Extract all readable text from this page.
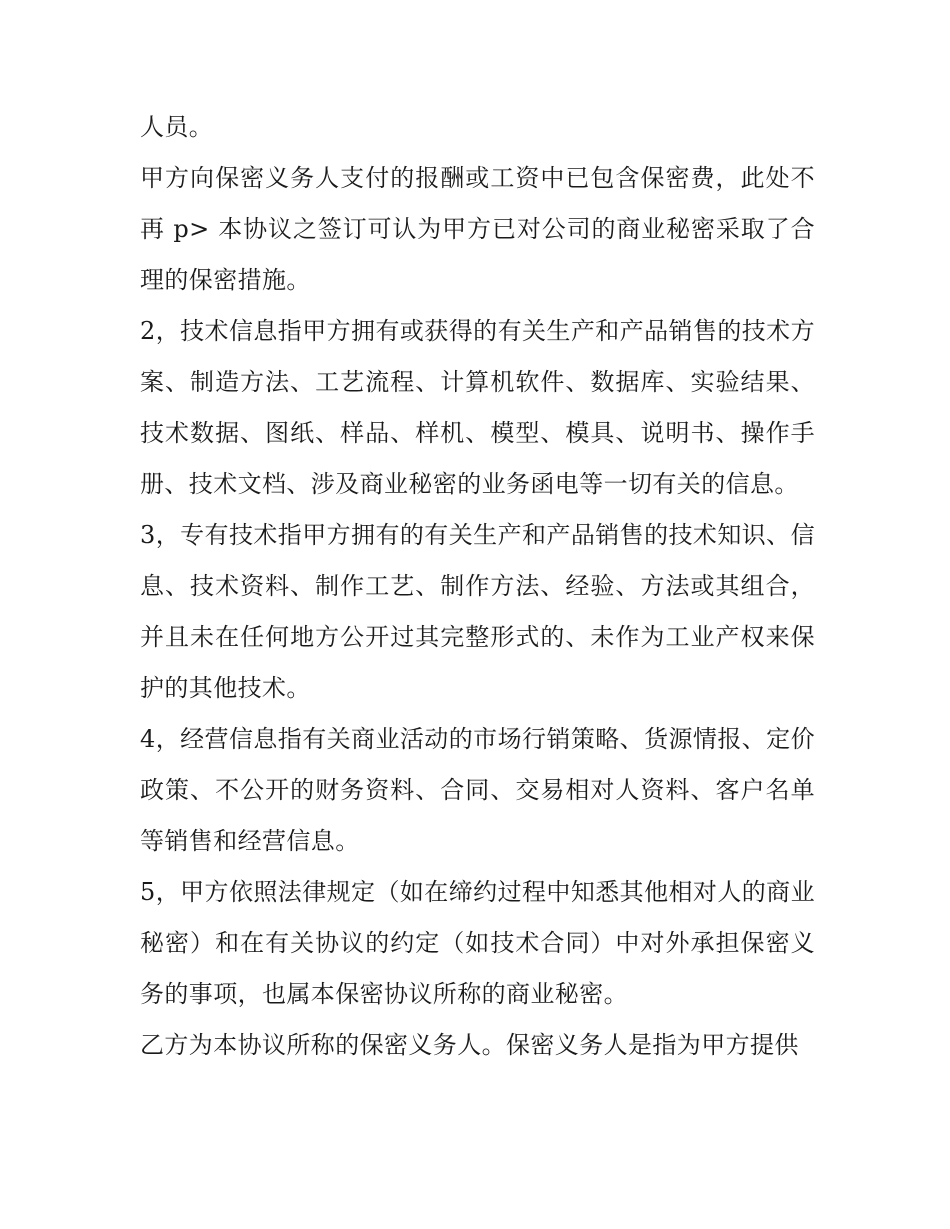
人员。

甲方向保密义务人支付的报酬或工资中已包含保密费，此处不再 p> 本协议之签订可认为甲方已对公司的商业秘密采取了合理的保密措施。

2，技术信息指甲方拥有或获得的有关生产和产品销售的技术方案、制造方法、工艺流程、计算机软件、数据库、实验结果、技术数据、图纸、样品、样机、模型、模具、说明书、操作手册、技术文档、涉及商业秘密的业务函电等一切有关的信息。

3，专有技术指甲方拥有的有关生产和产品销售的技术知识、信息、技术资料、制作工艺、制作方法、经验、方法或其组合，并且未在任何地方公开过其完整形式的、未作为工业产权来保护的其他技术。

4，经营信息指有关商业活动的市场行销策略、货源情报、定价政策、不公开的财务资料、合同、交易相对人资料、客户名单等销售和经营信息。

5，甲方依照法律规定（如在缔约过程中知悉其他相对人的商业秘密）和在有关协议的约定（如技术合同）中对外承担保密义务的事项，也属本保密协议所称的商业秘密。

乙方为本协议所称的保密义务人。保密义务人是指为甲方提供
